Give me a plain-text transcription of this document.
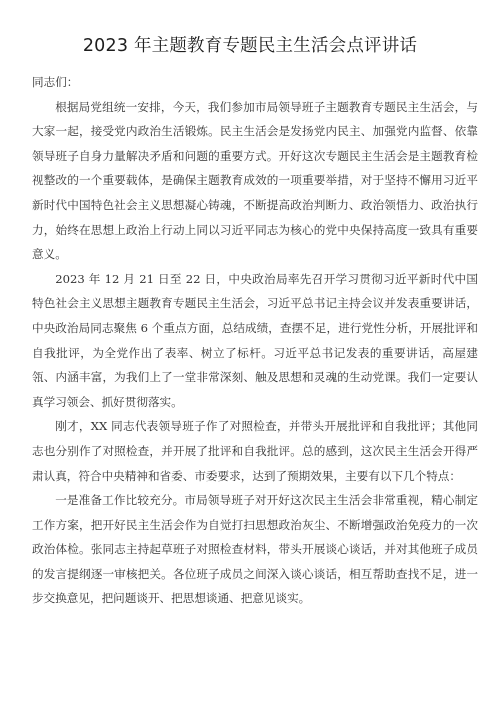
2023 年主题教育专题民主生活会点评讲话

同志们：

根据局党组统一安排，今天，我们参加市局领导班子主题教育专题民主生活会，与大家一起，接受党内政治生活锻炼。民主生活会是发扬党内民主、加强党内监督、依靠领导班子自身力量解决矛盾和问题的重要方式。开好这次专题民主生活会是主题教育检视整改的一个重要载体，是确保主题教育成效的一项重要举措，对于坚持不懈用习近平新时代中国特色社会主义思想凝心铸魂，不断提高政治判断力、政治领悟力、政治执行力，始终在思想上政治上行动上同以习近平同志为核心的党中央保持高度一致具有重要意义。

2023 年 12 月 21 日至 22 日，中央政治局率先召开学习贯彻习近平新时代中国特色社会主义思想主题教育专题民主生活会，习近平总书记主持会议并发表重要讲话，中央政治局同志聚焦 6 个重点方面，总结成绩，查摆不足，进行党性分析，开展批评和自我批评，为全党作出了表率、树立了标杆。习近平总书记发表的重要讲话，高屋建瓴、内涵丰富，为我们上了一堂非常深刻、触及思想和灵魂的生动党课。我们一定要认真学习领会、抓好贯彻落实。

刚才，XX 同志代表领导班子作了对照检查，并带头开展批评和自我批评；其他同志也分别作了对照检查，并开展了批评和自我批评。总的感到，这次民主生活会开得严肃认真，符合中央精神和省委、市委要求，达到了预期效果，主要有以下几个特点：

一是准备工作比较充分。市局领导班子对开好这次民主生活会非常重视，精心制定工作方案，把开好民主生活会作为自觉打扫思想政治灰尘、不断增强政治免疫力的一次政治体检。张同志主持起草班子对照检查材料，带头开展谈心谈话，并对其他班子成员的发言提纲逐一审核把关。各位班子成员之间深入谈心谈话，相互帮助查找不足，进一步交换意见，把问题谈开、把思想谈通、把意见谈实。
